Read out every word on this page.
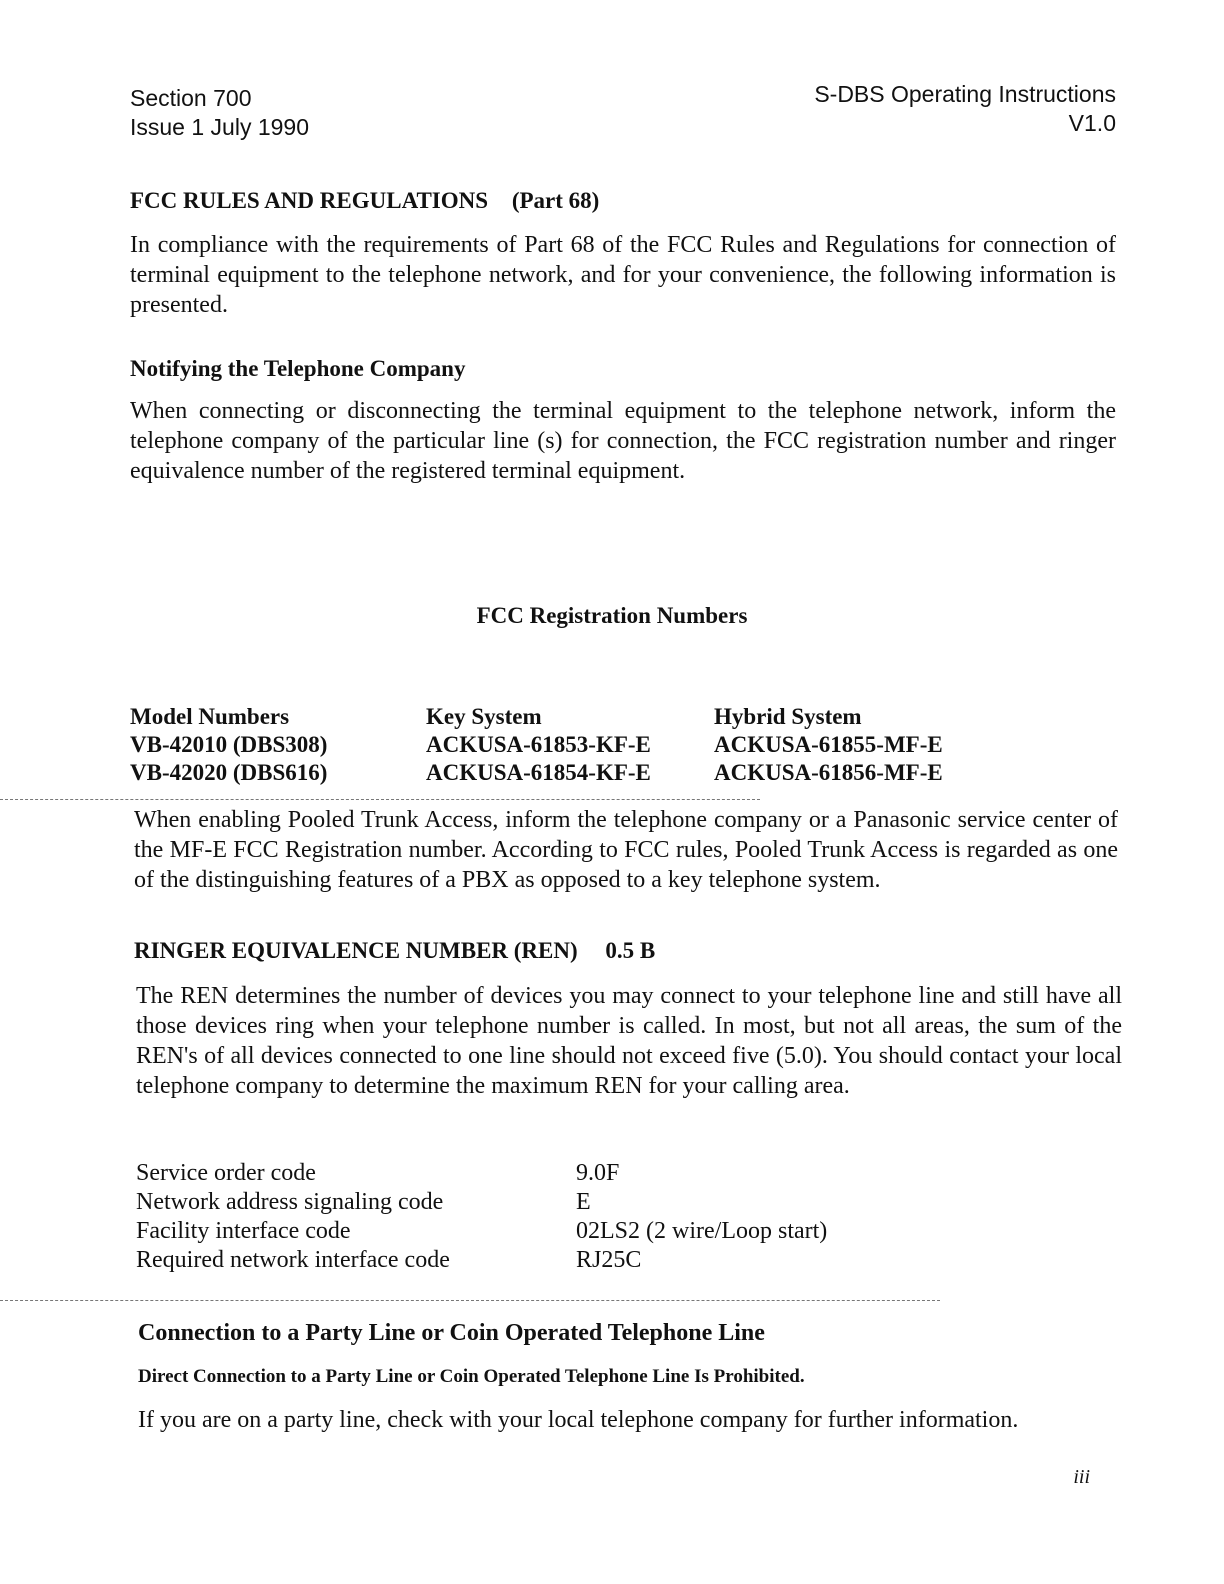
Section 700
Issue 1 July 1990
S-DBS Operating Instructions
V1.0
FCC RULES AND REGULATIONS (Part 68)
In compliance with the requirements of Part 68 of the FCC Rules and Regulations for connection of terminal equipment to the telephone network, and for your convenience, the following information is presented.
Notifying the Telephone Company
When connecting or disconnecting the terminal equipment to the telephone network, inform the telephone company of the particular line (s) for connection, the FCC registration number and ringer equivalence number of the registered terminal equipment.
FCC Registration Numbers
Model Numbers	Key System	Hybrid System
VB-42010 (DBS308)	ACKUSA-61853-KF-E	ACKUSA-61855-MF-E
VB-42020 (DBS616)	ACKUSA-61854-KF-E	ACKUSA-61856-MF-E
When enabling Pooled Trunk Access, inform the telephone company or a Panasonic service center of the MF-E FCC Registration number. According to FCC rules, Pooled Trunk Access is regarded as one of the distinguishing features of a PBX as opposed to a key telephone system.
RINGER EQUIVALENCE NUMBER (REN) 0.5 B
The REN determines the number of devices you may connect to your telephone line and still have all those devices ring when your telephone number is called. In most, but not all areas, the sum of the REN's of all devices connected to one line should not exceed five (5.0). You should contact your local telephone company to determine the maximum REN for your calling area.
Service order code	9.0F
Network address signaling code	E
Facility interface code	02LS2 (2 wire/Loop start)
Required network interface code	RJ25C
Connection to a Party Line or Coin Operated Telephone Line
Direct Connection to a Party Line or Coin Operated Telephone Line Is Prohibited.
If you are on a party line, check with your local telephone company for further information.
iii
